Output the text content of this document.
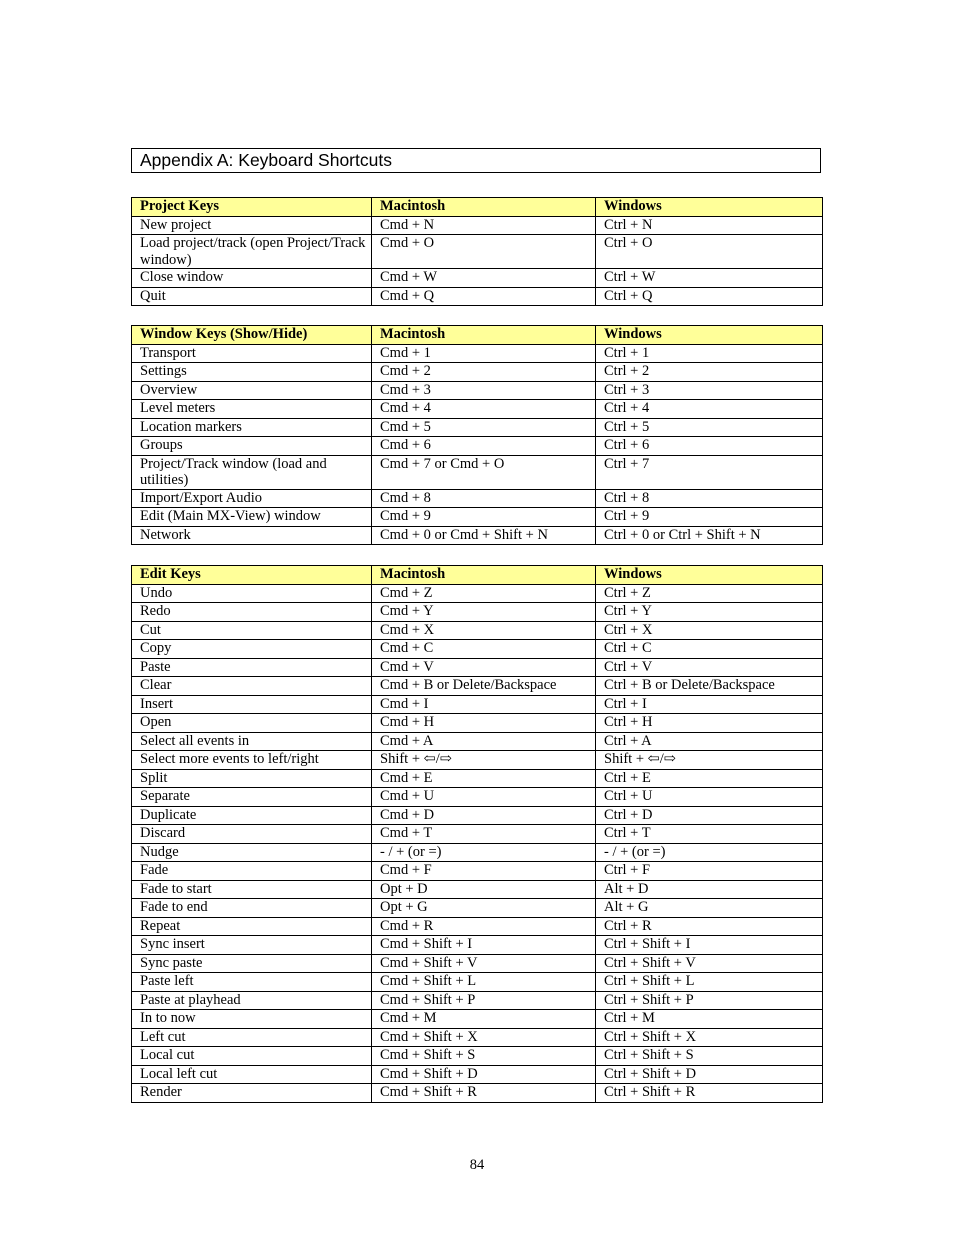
Appendix A: Keyboard Shortcuts
Project Keys	Macintosh	Windows
New project	Cmd + N	Ctrl + N
Load project/track (open Project/Track window)	Cmd + O	Ctrl + O
Close window	Cmd + W	Ctrl + W
Quit	Cmd + Q	Ctrl + Q
Window Keys (Show/Hide)	Macintosh	Windows
Transport	Cmd + 1	Ctrl + 1
Settings	Cmd + 2	Ctrl + 2
Overview	Cmd + 3	Ctrl + 3
Level meters	Cmd + 4	Ctrl + 4
Location markers	Cmd + 5	Ctrl + 5
Groups	Cmd + 6	Ctrl + 6
Project/Track window (load and utilities)	Cmd + 7 or Cmd + O	Ctrl + 7
Import/Export Audio	Cmd + 8	Ctrl + 8
Edit (Main MX-View) window	Cmd + 9	Ctrl + 9
Network	Cmd + 0 or Cmd + Shift + N	Ctrl + 0 or Ctrl + Shift + N
Edit Keys	Macintosh	Windows
Undo	Cmd + Z	Ctrl + Z
Redo	Cmd + Y	Ctrl + Y
Cut	Cmd + X	Ctrl + X
Copy	Cmd + C	Ctrl + C
Paste	Cmd + V	Ctrl + V
Clear	Cmd + B or Delete/Backspace	Ctrl + B or Delete/Backspace
Insert	Cmd + I	Ctrl + I
Open	Cmd + H	Ctrl + H
Select all events in	Cmd + A	Ctrl + A
Select more events to left/right	Shift + ⇦/⇨	Shift + ⇦/⇨
Split	Cmd + E	Ctrl + E
Separate	Cmd + U	Ctrl + U
Duplicate	Cmd + D	Ctrl + D
Discard	Cmd + T	Ctrl + T
Nudge	- / + (or =)	- / + (or =)
Fade	Cmd + F	Ctrl + F
Fade to start	Opt + D	Alt + D
Fade to end	Opt + G	Alt + G
Repeat	Cmd + R	Ctrl + R
Sync insert	Cmd + Shift + I	Ctrl + Shift + I
Sync paste	Cmd + Shift + V	Ctrl + Shift + V
Paste left	Cmd + Shift + L	Ctrl + Shift + L
Paste at playhead	Cmd + Shift + P	Ctrl + Shift + P
In to now	Cmd + M	Ctrl + M
Left cut	Cmd + Shift + X	Ctrl + Shift + X
Local cut	Cmd + Shift + S	Ctrl + Shift + S
Local left cut	Cmd + Shift + D	Ctrl + Shift + D
Render	Cmd + Shift + R	Ctrl + Shift + R
84
